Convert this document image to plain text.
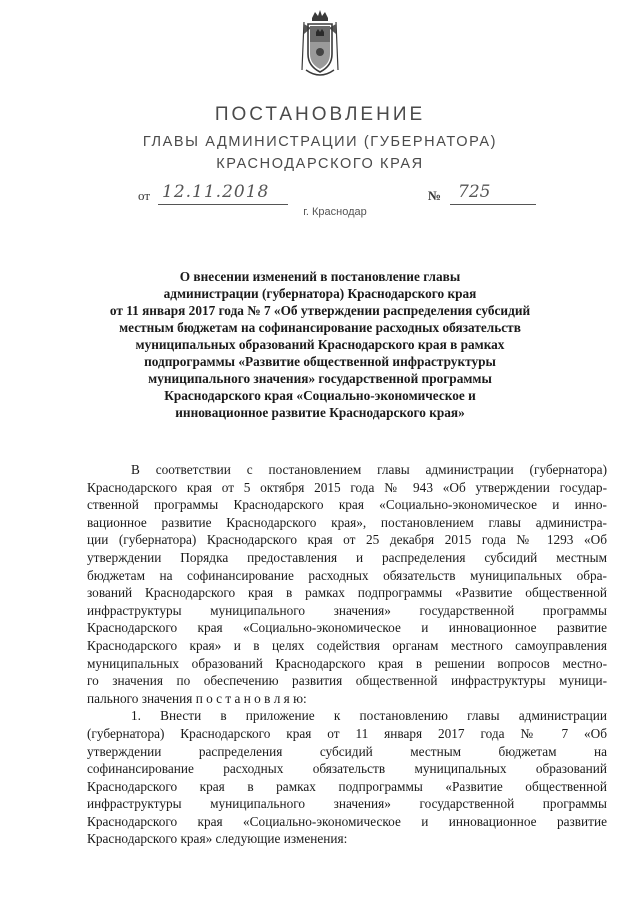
ПОСТАНОВЛЕНИЕ
ГЛАВЫ АДМИНИСТРАЦИИ (ГУБЕРНАТОРА)
КРАСНОДАРСКОГО КРАЯ
от 12.11.2018	№ 725
г. Краснодар
О внесении изменений в постановление главы
администрации (губернатора) Краснодарского края
от 11 января 2017 года № 7 «Об утверждении распределения субсидий
местным бюджетам на софинансирование расходных обязательств
муниципальных образований Краснодарского края в рамках
подпрограммы «Развитие общественной инфраструктуры
муниципального значения» государственной программы
Краснодарского края «Социально-экономическое и
инновационное развитие Краснодарского края»
В соответствии с постановлением главы администрации (губернатора)
Краснодарского края от 5 октября 2015 года № 943 «Об утверждении государ-
ственной программы Краснодарского края «Социально-экономическое и инно-
вационное развитие Краснодарского края», постановлением главы администра-
ции (губернатора) Краснодарского края от 25 декабря 2015 года № 1293 «Об
утверждении Порядка предоставления и распределения субсидий местным
бюджетам на софинансирование расходных обязательств муниципальных обра-
зований Краснодарского края в рамках подпрограммы «Развитие общественной
инфраструктуры муниципального значения» государственной программы
Краснодарского края «Социально-экономическое и инновационное развитие
Краснодарского края» и в целях содействия органам местного самоуправления
муниципальных образований Краснодарского края в решении вопросов местно-
го значения по обеспечению развития общественной инфраструктуры муници-
пального значения п о с т а н о в л я ю:
1. Внести в приложение к постановлению главы администрации
(губернатора) Краснодарского края от 11 января 2017 года № 7 «Об
утверждении распределения субсидий местным бюджетам на
софинансирование расходных обязательств муниципальных образований
Краснодарского края в рамках подпрограммы «Развитие общественной
инфраструктуры муниципального значения» государственной программы
Краснодарского края «Социально-экономическое и инновационное развитие
Краснодарского края» следующие изменения:
